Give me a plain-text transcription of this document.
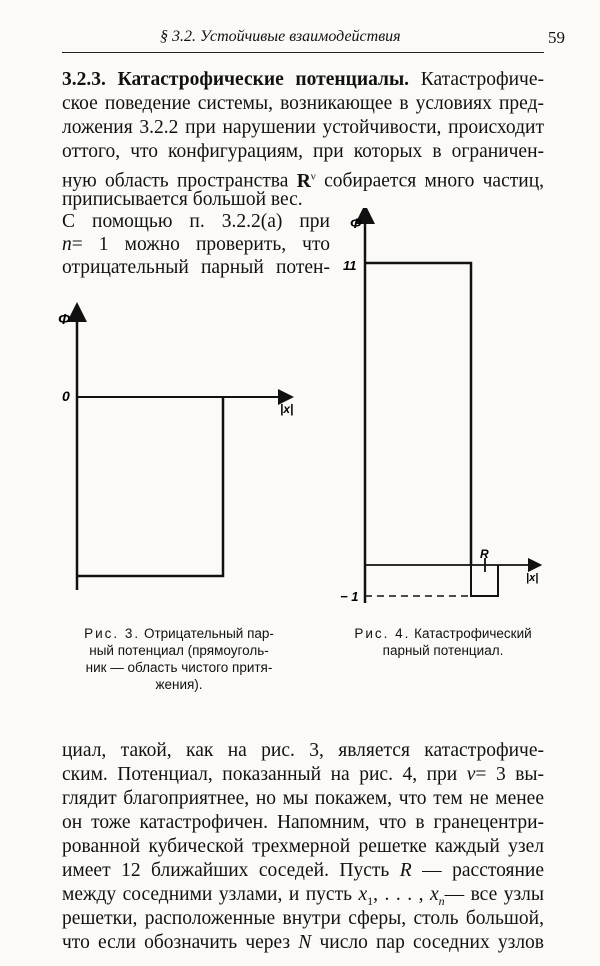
§ 3.2. Устойчивые взаимодействия	59
3.2.3. Катастрофические потенциалы. Катастрофиче-
ское поведение системы, возникающее в условиях пред-
ложения 3.2.2 при нарушении устойчивости, происходит
оттого, что конфигурациям, при которых в ограничен-
ную область пространства $R^\nu$ собирается много частиц,
приписывается большой вес.
С помощью п. 3.2.2(а) при
n= 1 можно проверить, что
отрицательный парный потен-
Φ
0
|x|
Φ
11
− 1
R
|x|
Рис. 3. Отрицательный пар-
ный потенциал (прямоуголь-
ник — область чистого притя-
жения).
Рис. 4. Катастрофический
парный потенциал.
циал, такой, как на рис. 3, является катастрофиче-
ским. Потенциал, показанный на рис. 4, при ν= 3 вы-
глядит благоприятнее, но мы покажем, что тем не менее
он тоже катастрофичен. Напомним, что в гранецентри-
рованной кубической трехмерной решетке каждый узел
имеет 12 ближайших соседей. Пусть R — расстояние
между соседними узлами, и пусть $x_1$, . . . , $x_n—$ все узлы
решетки, расположенные внутри сферы, столь большой,
что если обозначить через N число пар соседних узлов
